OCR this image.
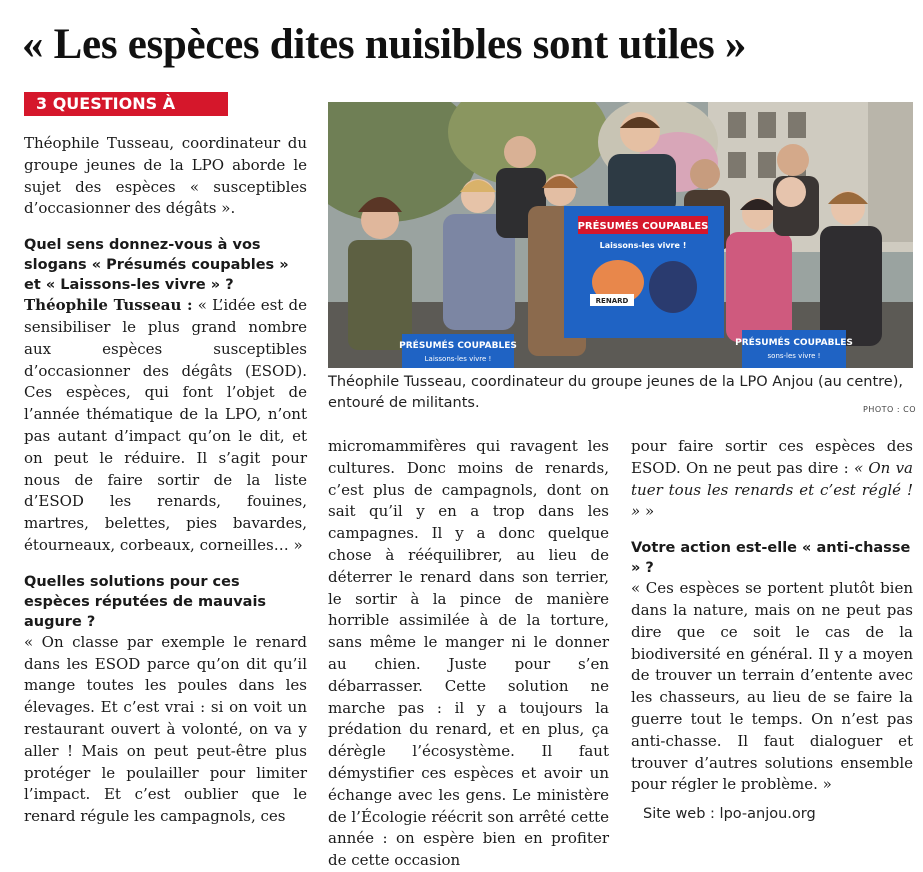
« Les espèces dites nuisibles sont utiles »
3 QUESTIONS À

Théophile Tusseau, coordinateur du groupe jeunes de la LPO aborde le sujet des espèces « susceptibles d’occasionner des dégâts ».

Quel sens donnez-vous à vos slogans « Présumés coupables » et « Laissons-les vivre » ?

Théophile Tusseau : « L’idée est de sensibiliser le plus grand nombre aux espèces susceptibles d’occasionner des dégâts (ESOD). Ces espèces, qui font l’objet de l’année thématique de la LPO, n’ont pas autant d’impact qu’on le dit, et on peut le réduire. Il s’agit pour nous de faire sortir de la liste d’ESOD les renards, fouines, martres, belettes, pies bavardes, étourneaux, corbeaux, corneilles… »

Quelles solutions pour ces espèces réputées de mauvais augure ?

« On classe par exemple le renard dans les ESOD parce qu’on dit qu’il mange toutes les poules dans les élevages. Et c’est vrai : si on voit un restaurant ouvert à volonté, on va y aller ! Mais on peut peut-être plus protéger le poulailler pour limiter l’impact. Et c’est oublier que le renard régule les campagnols, ces

PRÉSUMÉS COUPABLES
Laissons-les vivre !
RENARD
PRÉSUMÉS COUPABLES
Laissons-les vivre !
PRÉSUMÉS COUPABLES
sons-les vivre !
Théophile Tusseau, coordinateur du groupe jeunes de la LPO Anjou (au centre), entouré de militants.	PHOTO : CO

micromammifères qui ravagent les cultures. Donc moins de renards, c’est plus de campagnols, dont on sait qu’il y en a trop dans les campagnes. Il y a donc quelque chose à rééquilibrer, au lieu de déterrer le renard dans son terrier, le sortir à la pince de manière horrible assimilée à de la torture, sans même le manger ni le donner au chien. Juste pour s’en débarrasser. Cette solution ne marche pas : il y a toujours la prédation du renard, et en plus, ça dérègle l’écosystème. Il faut démystifier ces espèces et avoir un échange avec les gens. Le ministère de l’Écologie réécrit son arrêté cette année : on espère bien en profiter de cette occasion

pour faire sortir ces espèces des ESOD. On ne peut pas dire : « On va tuer tous les renards et c’est réglé ! » »

Votre action est-elle « anti-chasse » ?

« Ces espèces se portent plutôt bien dans la nature, mais on ne peut pas dire que ce soit le cas de la biodiversité en général. Il y a moyen de trouver un terrain d’entente avec les chasseurs, au lieu de se faire la guerre tout le temps. On n’est pas anti-chasse. Il faut dialoguer et trouver d’autres solutions ensemble pour régler le problème. »

Site web : lpo-anjou.org
